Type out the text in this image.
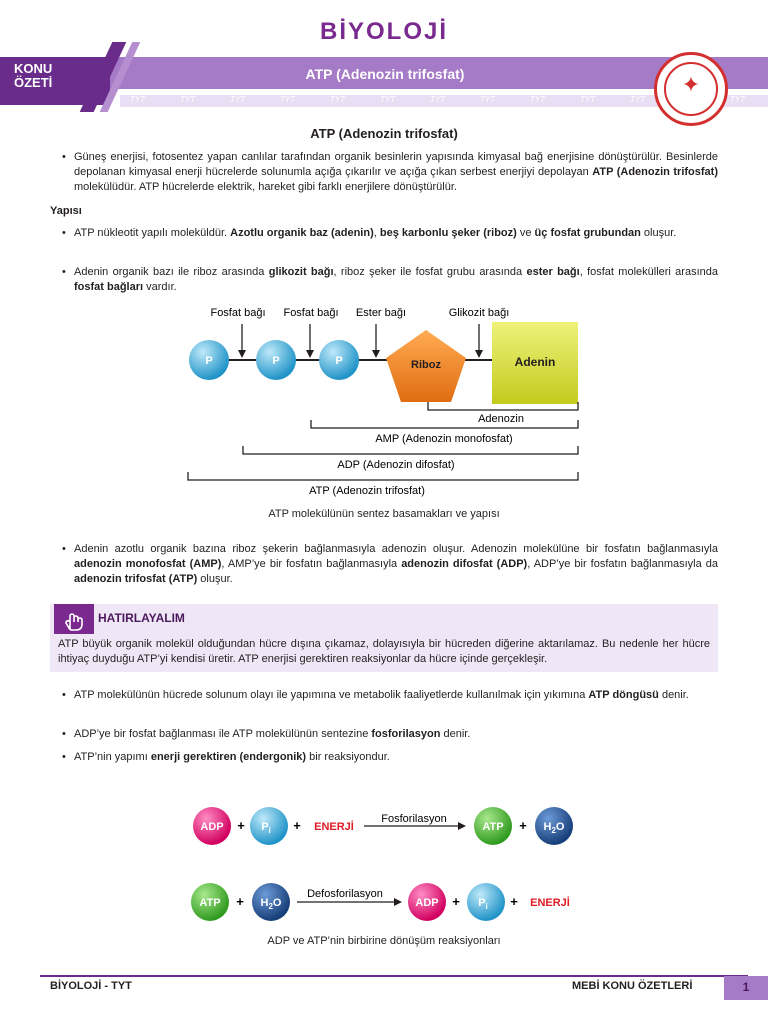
BİYOLOJİ
KONU
ÖZETİ
ATP (Adenozin trifosfat)
TYT	TYT	TYT	TYT	TYT	TYT	TYT	TYT	TYT	TYT	TYT	TYT
✦
ATP (Adenozin trifosfat)
• Güneş enerjisi, fotosentez yapan canlılar tarafından organik besinlerin yapısında kimyasal bağ enerjisine dönüştürülür. Besinlerde depolanan kimyasal enerji hücrelerde solunumla açığa çıkarılır ve açığa çıkan serbest enerjiyi depolayan ATP (Adenozin trifosfat) molekülüdür. ATP hücrelerde elektrik, hareket gibi farklı enerjilere dönüştürülür.
Yapısı
• ATP nükleotit yapılı moleküldür. Azotlu organik baz (adenin), beş karbonlu şeker (riboz) ve üç fosfat grubundan oluşur.
• Adenin organik bazı ile riboz arasında glikozit bağı, riboz şeker ile fosfat grubu arasında ester bağı, fosfat molekülleri arasında fosfat bağları vardır.
Fosfat bağı Fosfat bağı Ester bağı	Glikozit bağı
P	P	P	Riboz	Adenin
Adenozin
AMP (Adenozin monofosfat)
ADP (Adenozin difosfat)
ATP (Adenozin trifosfat)
ATP molekülünün sentez basamakları ve yapısı
• Adenin azotlu organik bazına riboz şekerin bağlanmasıyla adenozin oluşur. Adenozin molekülüne bir fosfatın bağlanmasıyla adenozin monofosfat (AMP), AMP’ye bir fosfatın bağlanmasıyla adenozin difosfat (ADP), ADP’ye bir fosfatın bağlanmasıyla da adenozin trifosfat (ATP) oluşur.
HATIRLAYALIM
ATP büyük organik molekül olduğundan hücre dışına çıkamaz, dolayısıyla bir hücreden diğerine aktarılamaz. Bu nedenle her hücre ihtiyaç duyduğu ATP’yi kendisi üretir. ATP enerjisi gerektiren reaksiyonlar da hücre içinde gerçekleşir.
• ATP molekülünün hücrede solunum olayı ile yapımına ve metabolik faaliyetlerde kullanılmak için yıkımına ATP döngüsü denir.
• ADP’ye bir fosfat bağlanması ile ATP molekülünün sentezine fosforilasyon denir.
• ATP’nin yapımı enerji gerektiren (endergonik) bir reaksiyondur.
ADP + $P_i$ + ENERJİ
Fosforilasyon
ATP + $H_2O$
ATP + $H_2O$
Defosforilasyon
ADP + $P_i$ + ENERJİ
ADP ve ATP’nin birbirine dönüşüm reaksiyonları
BİYOLOJİ - TYT	MEBİ KONU ÖZETLERİ	1
